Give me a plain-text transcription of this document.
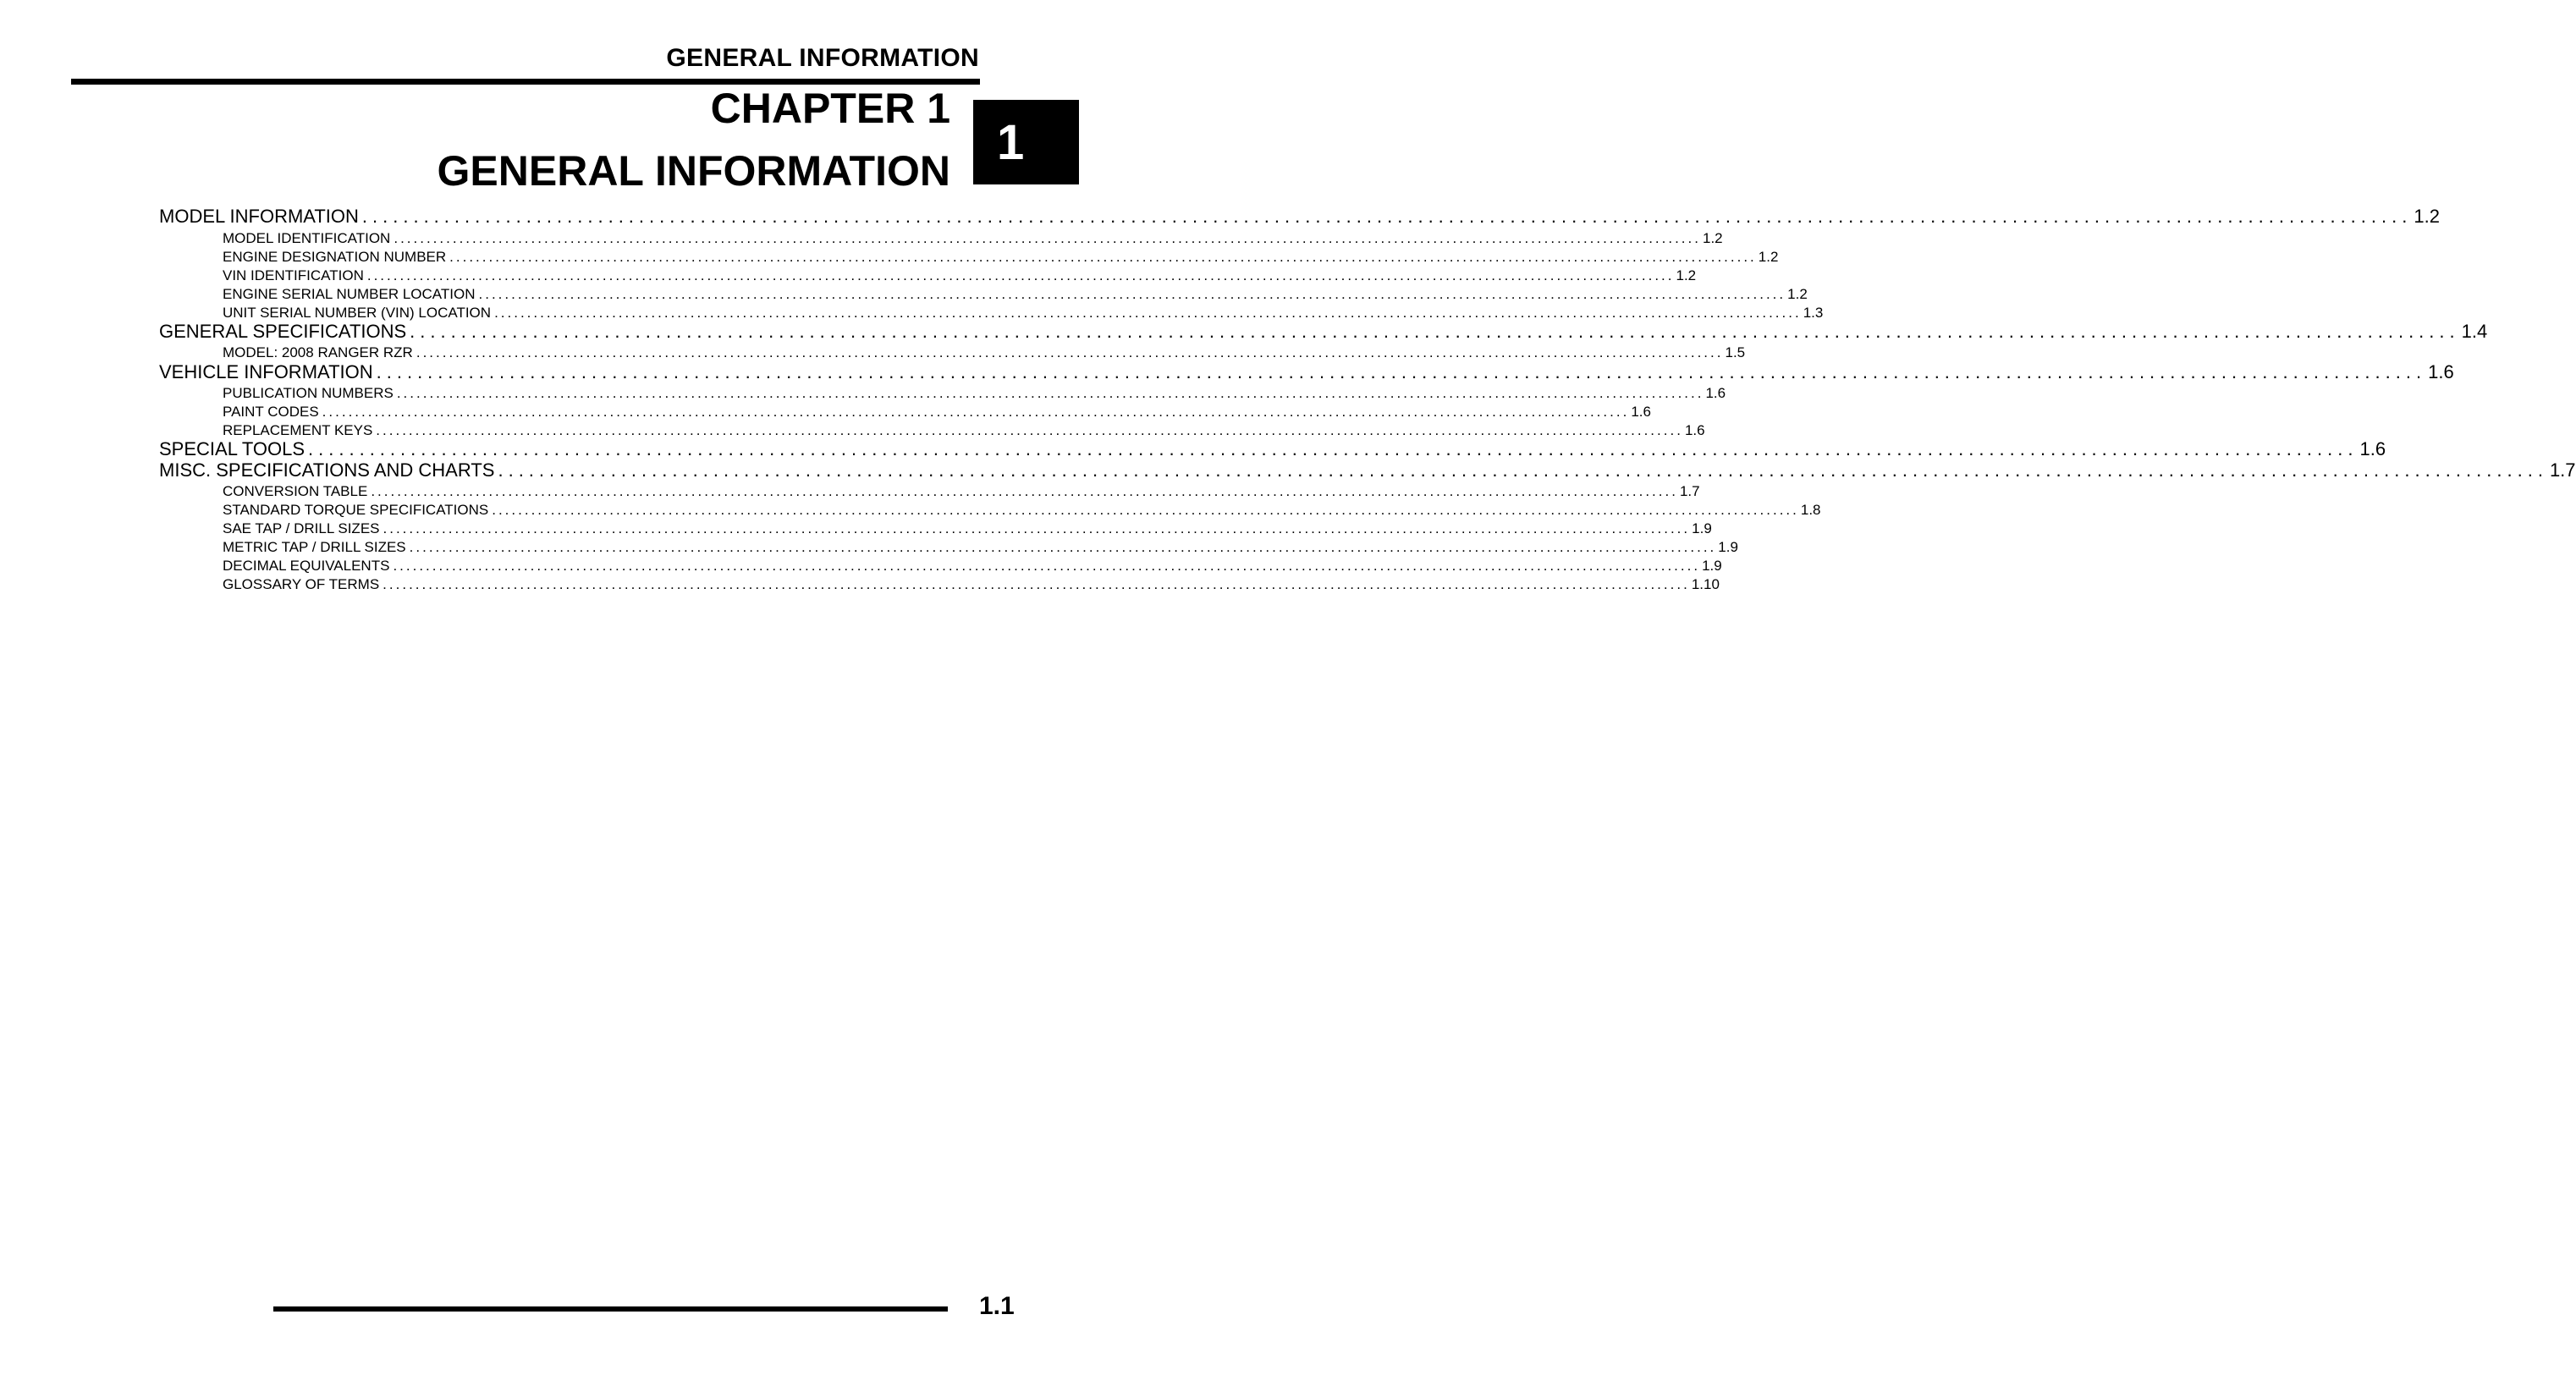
GENERAL INFORMATION
CHAPTER 1
GENERAL INFORMATION
1
MODEL INFORMATION ........................................................................................................................................................................................................ 1.2
MODEL IDENTIFICATION ........................................................................................................................................................................................................ 1.2
ENGINE DESIGNATION NUMBER ........................................................................................................................................................................................................ 1.2
VIN IDENTIFICATION ........................................................................................................................................................................................................ 1.2
ENGINE SERIAL NUMBER LOCATION ........................................................................................................................................................................................................ 1.2
UNIT SERIAL NUMBER (VIN) LOCATION ........................................................................................................................................................................................................ 1.3
GENERAL SPECIFICATIONS ........................................................................................................................................................................................................ 1.4
MODEL: 2008 RANGER RZR ........................................................................................................................................................................................................ 1.5
VEHICLE INFORMATION ........................................................................................................................................................................................................ 1.6
PUBLICATION NUMBERS ........................................................................................................................................................................................................ 1.6
PAINT CODES ........................................................................................................................................................................................................ 1.6
REPLACEMENT KEYS ........................................................................................................................................................................................................ 1.6
SPECIAL TOOLS ........................................................................................................................................................................................................ 1.6
MISC. SPECIFICATIONS AND CHARTS ........................................................................................................................................................................................................ 1.7
CONVERSION TABLE ........................................................................................................................................................................................................ 1.7
STANDARD TORQUE SPECIFICATIONS ........................................................................................................................................................................................................ 1.8
SAE TAP / DRILL SIZES ........................................................................................................................................................................................................ 1.9
METRIC TAP / DRILL SIZES ........................................................................................................................................................................................................ 1.9
DECIMAL EQUIVALENTS ........................................................................................................................................................................................................ 1.9
GLOSSARY OF TERMS ........................................................................................................................................................................................................ 1.10
1.1
